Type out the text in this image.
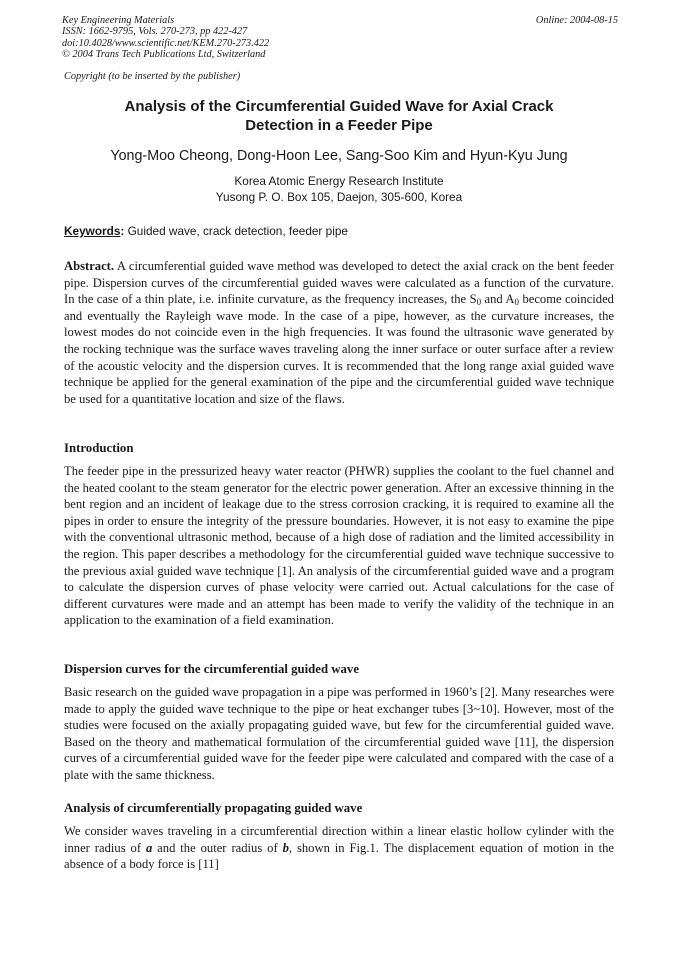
Key Engineering Materials
ISSN: 1662-9795, Vols. 270-273, pp 422-427
doi:10.4028/www.scientific.net/KEM.270-273.422
© 2004 Trans Tech Publications Ltd, Switzerland
Online: 2004-08-15
Copyright (to be inserted by the publisher)
Analysis of the Circumferential Guided Wave for Axial Crack
Detection in a Feeder Pipe
Yong-Moo Cheong, Dong-Hoon Lee, Sang-Soo Kim and Hyun-Kyu Jung
Korea Atomic Energy Research Institute
Yusong P. O. Box 105, Daejon, 305-600, Korea
Keywords: Guided wave, crack detection, feeder pipe
Abstract. A circumferential guided wave method was developed to detect the axial crack on the bent feeder pipe. Dispersion curves of the circumferential guided waves were calculated as a function of the curvature. In the case of a thin plate, i.e. infinite curvature, as the frequency increases, the $S_0$ and $A_0$ become coincided and eventually the Rayleigh wave mode. In the case of a pipe, however, as the curvature increases, the lowest modes do not coincide even in the high frequencies. It was found the ultrasonic wave generated by the rocking technique was the surface waves traveling along the inner surface or outer surface after a review of the acoustic velocity and the dispersion curves. It is recommended that the long range axial guided wave technique be applied for the general examination of the pipe and the circumferential guided wave technique be used for a quantitative location and size of the flaws.
Introduction
The feeder pipe in the pressurized heavy water reactor (PHWR) supplies the coolant to the fuel channel and the heated coolant to the steam generator for the electric power generation. After an excessive thinning in the bent region and an incident of leakage due to the stress corrosion cracking, it is required to examine all the pipes in order to ensure the integrity of the pressure boundaries. However, it is not easy to examine the pipe with the conventional ultrasonic method, because of a high dose of radiation and the limited accessibility in the region. This paper describes a methodology for the circumferential guided wave technique successive to the previous axial guided wave technique [1]. An analysis of the circumferential guided wave and a program to calculate the dispersion curves of phase velocity were carried out. Actual calculations for the case of different curvatures were made and an attempt has been made to verify the validity of the technique in an application to the examination of a field examination.
Dispersion curves for the circumferential guided wave
Basic research on the guided wave propagation in a pipe was performed in 1960’s [2]. Many researches were made to apply the guided wave technique to the pipe or heat exchanger tubes [3~10]. However, most of the studies were focused on the axially propagating guided wave, but few for the circumferential guided wave. Based on the theory and mathematical formulation of the circumferential guided wave [11], the dispersion curves of a circumferential guided wave for the feeder pipe were calculated and compared with the case of a plate with the same thickness.
Analysis of circumferentially propagating guided wave
We consider waves traveling in a circumferential direction within a linear elastic hollow cylinder with the inner radius of a and the outer radius of b, shown in Fig.1. The displacement equation of motion in the absence of a body force is [11]
